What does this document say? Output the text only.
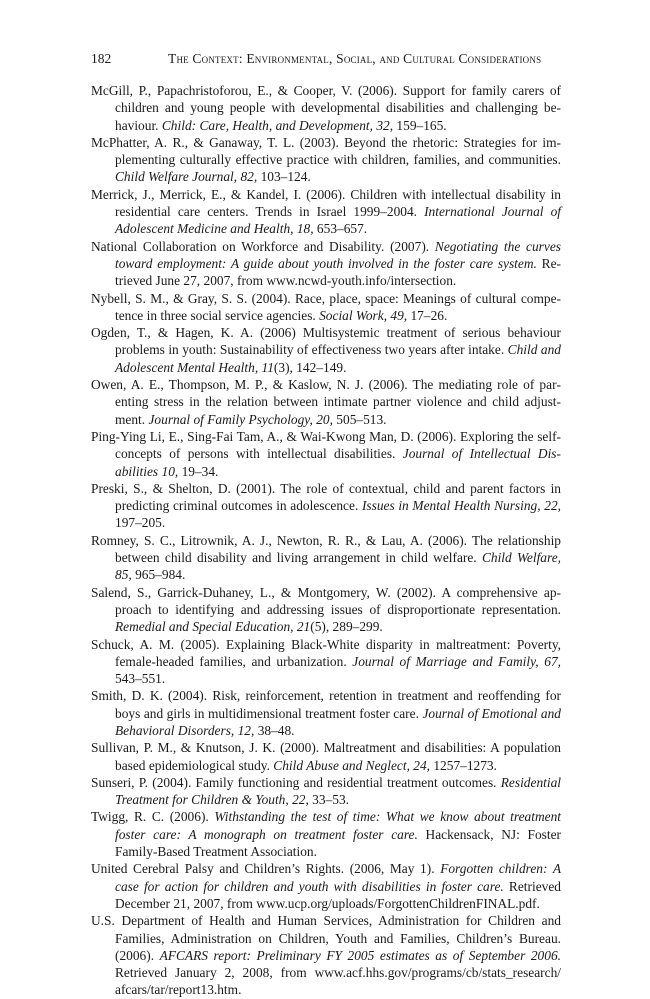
182	The Context: Environmental, Social, and Cultural Considerations
McGill, P., Papachristoforou, E., & Cooper, V. (2006). Support for family carers of children and young people with developmental disabilities and challenging behaviour. Child: Care, Health, and Development, 32, 159–165.
McPhatter, A. R., & Ganaway, T. L. (2003). Beyond the rhetoric: Strategies for implementing culturally effective practice with children, families, and communities. Child Welfare Journal, 82, 103–124.
Merrick, J., Merrick, E., & Kandel, I. (2006). Children with intellectual disability in residential care centers. Trends in Israel 1999–2004. International Journal of Adolescent Medicine and Health, 18, 653–657.
National Collaboration on Workforce and Disability. (2007). Negotiating the curves toward employment: A guide about youth involved in the foster care system. Retrieved June 27, 2007, from www.ncwd-youth.info/intersection.
Nybell, S. M., & Gray, S. S. (2004). Race, place, space: Meanings of cultural competence in three social service agencies. Social Work, 49, 17–26.
Ogden, T., & Hagen, K. A. (2006) Multisystemic treatment of serious behaviour problems in youth: Sustainability of effectiveness two years after intake. Child and Adolescent Mental Health, 11(3), 142–149.
Owen, A. E., Thompson, M. P., & Kaslow, N. J. (2006). The mediating role of parenting stress in the relation between intimate partner violence and child adjustment. Journal of Family Psychology, 20, 505–513.
Ping-Ying Li, E., Sing-Fai Tam, A., & Wai-Kwong Man, D. (2006). Exploring the self-concepts of persons with intellectual disabilities. Journal of Intellectual Disabilities 10, 19–34.
Preski, S., & Shelton, D. (2001). The role of contextual, child and parent factors in predicting criminal outcomes in adolescence. Issues in Mental Health Nursing, 22, 197–205.
Romney, S. C., Litrownik, A. J., Newton, R. R., & Lau, A. (2006). The relationship between child disability and living arrangement in child welfare. Child Welfare, 85, 965–984.
Salend, S., Garrick-Duhaney, L., & Montgomery, W. (2002). A comprehensive approach to identifying and addressing issues of disproportionate representation. Remedial and Special Education, 21(5), 289–299.
Schuck, A. M. (2005). Explaining Black-White disparity in maltreatment: Poverty, female-headed families, and urbanization. Journal of Marriage and Family, 67, 543–551.
Smith, D. K. (2004). Risk, reinforcement, retention in treatment and reoffending for boys and girls in multidimensional treatment foster care. Journal of Emotional and Behavioral Disorders, 12, 38–48.
Sullivan, P. M., & Knutson, J. K. (2000). Maltreatment and disabilities: A population based epidemiological study. Child Abuse and Neglect, 24, 1257–1273.
Sunseri, P. (2004). Family functioning and residential treatment outcomes. Residential Treatment for Children & Youth, 22, 33–53.
Twigg, R. C. (2006). Withstanding the test of time: What we know about treatment foster care: A monograph on treatment foster care. Hackensack, NJ: Foster Family-Based Treatment Association.
United Cerebral Palsy and Children’s Rights. (2006, May 1). Forgotten children: A case for action for children and youth with disabilities in foster care. Retrieved December 21, 2007, from www.ucp.org/uploads/ForgottenChildrenFINAL.pdf.
U.S. Department of Health and Human Services, Administration for Children and Families, Administration on Children, Youth and Families, Children’s Bureau. (2006). AFCARS report: Preliminary FY 2005 estimates as of September 2006. Retrieved January 2, 2008, from www.acf.hhs.gov/programs/cb/stats_research/ afcars/tar/report13.htm.
